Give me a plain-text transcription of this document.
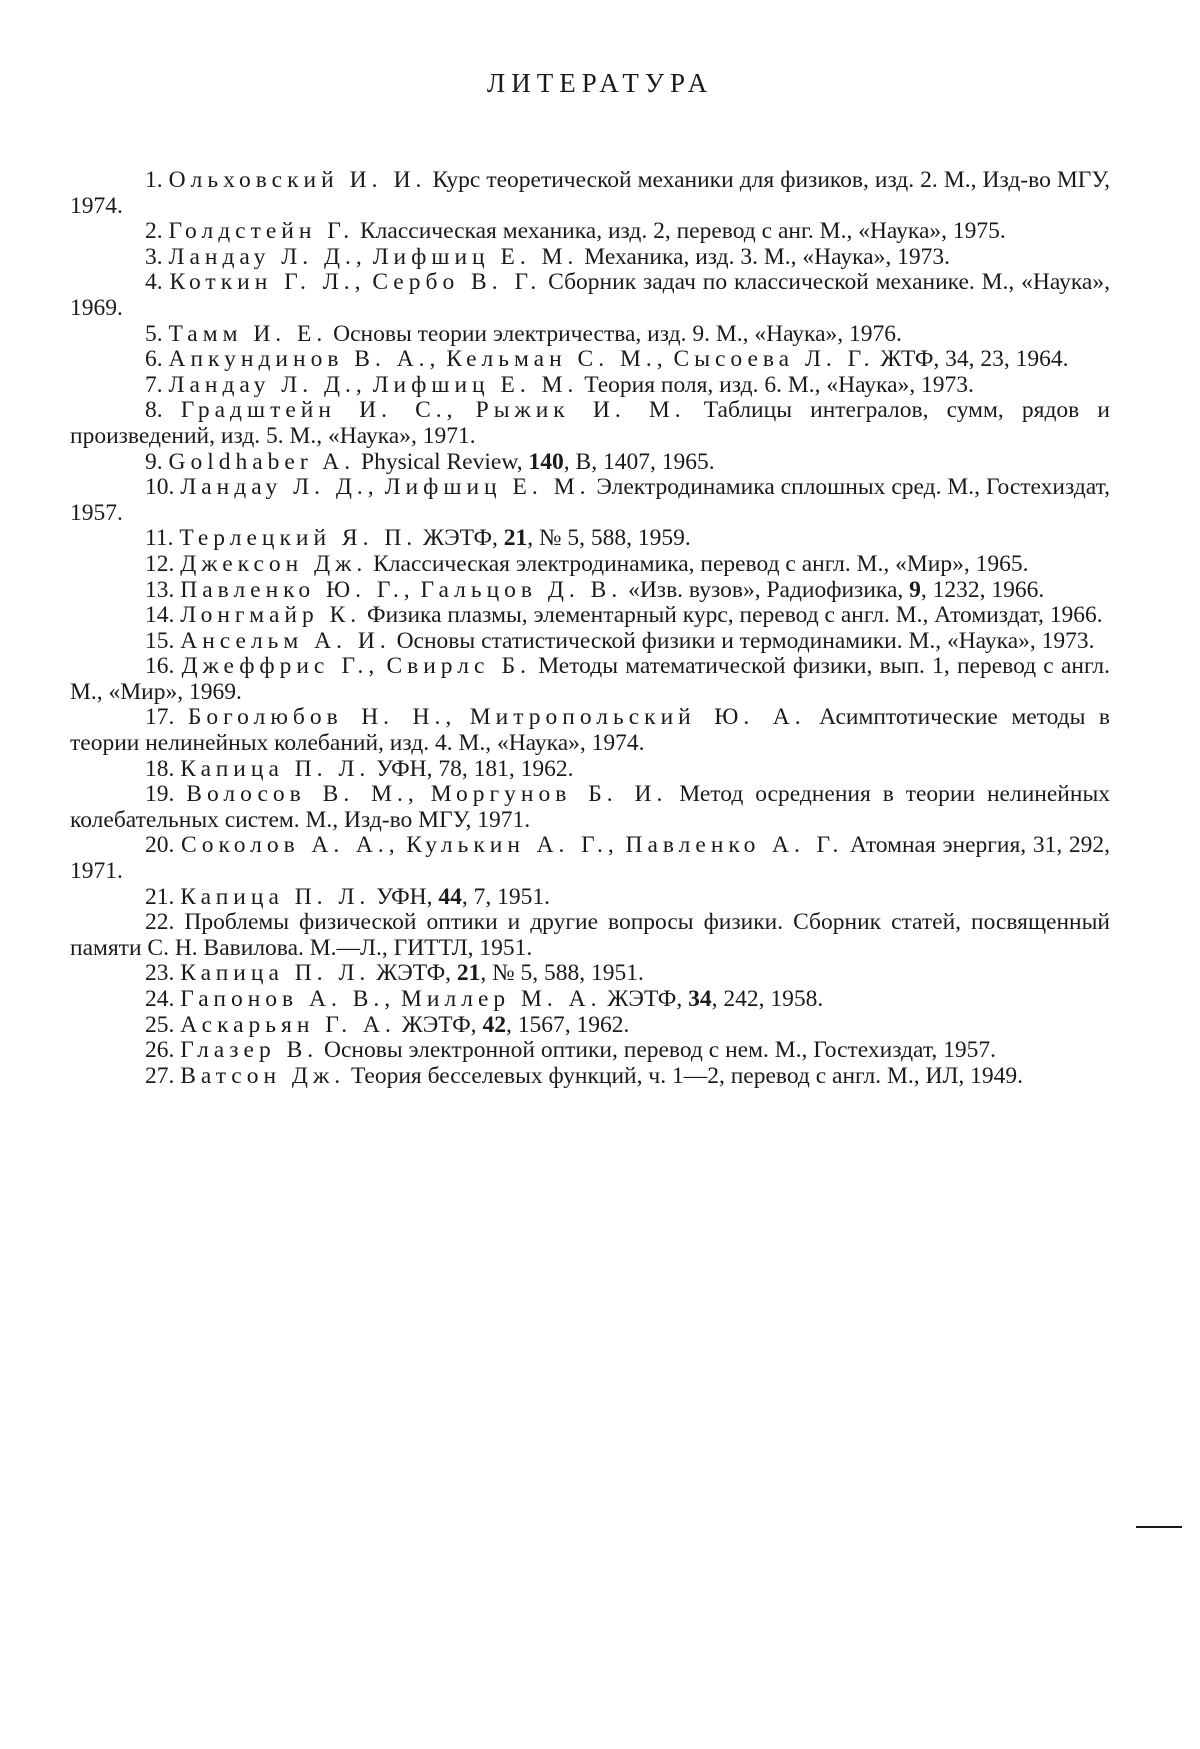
ЛИТЕРАТУРА

1. Ольховский И. И. Курс теоретической механики для физиков, изд. 2. М., Изд-во МГУ, 1974.

2. Голдстейн Г. Классическая механика, изд. 2, перевод с анг. М., «Наука», 1975.

3. Ландау Л. Д., Лифшиц Е. М. Механика, изд. 3. М., «Наука», 1973.

4. Коткин Г. Л., Сербо В. Г. Сборник задач по классической механике. М., «Наука», 1969.

5. Тамм И. Е. Основы теории электричества, изд. 9. М., «Наука», 1976.

6. Апкундинов В. А., Кельман С. М., Сысоева Л. Г. ЖТФ, 34, 23, 1964.

7. Ландау Л. Д., Лифшиц Е. М. Теория поля, изд. 6. М., «Наука», 1973.

8. Градштейн И. С., Рыжик И. М. Таблицы интегралов, сумм, рядов и произведений, изд. 5. М., «Наука», 1971.

9. Goldhaber A. Physical Review, 140, B, 1407, 1965.

10. Ландау Л. Д., Лифшиц Е. М. Электродинамика сплошных сред. М., Гостехиздат, 1957.

11. Терлецкий Я. П. ЖЭТФ, 21, № 5, 588, 1959.

12. Джексон Дж. Классическая электродинамика, перевод с англ. М., «Мир», 1965.

13. Павленко Ю. Г., Гальцов Д. В. «Изв. вузов», Радиофизика, 9, 1232, 1966.

14. Лонгмайр К. Физика плазмы, элементарный курс, перевод с англ. М., Атомиздат, 1966.

15. Ансельм А. И. Основы статистической физики и термодинамики. М., «Наука», 1973.

16. Джеффрис Г., Свирлс Б. Методы математической физики, вып. 1, перевод с англ. М., «Мир», 1969.

17. Боголюбов Н. Н., Митропольский Ю. А. Асимптотические методы в теории нелинейных колебаний, изд. 4. М., «Наука», 1974.

18. Капица П. Л. УФН, 78, 181, 1962.

19. Волосов В. М., Моргунов Б. И. Метод осреднения в теории нелинейных колебательных систем. М., Изд-во МГУ, 1971.

20. Соколов А. А., Кулькин А. Г., Павленко А. Г. Атомная энергия, 31, 292, 1971.

21. Капица П. Л. УФН, 44, 7, 1951.

22. Проблемы физической оптики и другие вопросы физики. Сборник статей, посвященный памяти С. Н. Вавилова. М.—Л., ГИТТЛ, 1951.

23. Капица П. Л. ЖЭТФ, 21, № 5, 588, 1951.

24. Гапонов А. В., Миллер М. А. ЖЭТФ, 34, 242, 1958.

25. Аскарьян Г. А. ЖЭТФ, 42, 1567, 1962.

26. Глазер В. Основы электронной оптики, перевод с нем. М., Гостехиздат, 1957.

27. Ватсон Дж. Теория бесселевых функций, ч. 1—2, перевод с англ. М., ИЛ, 1949.
